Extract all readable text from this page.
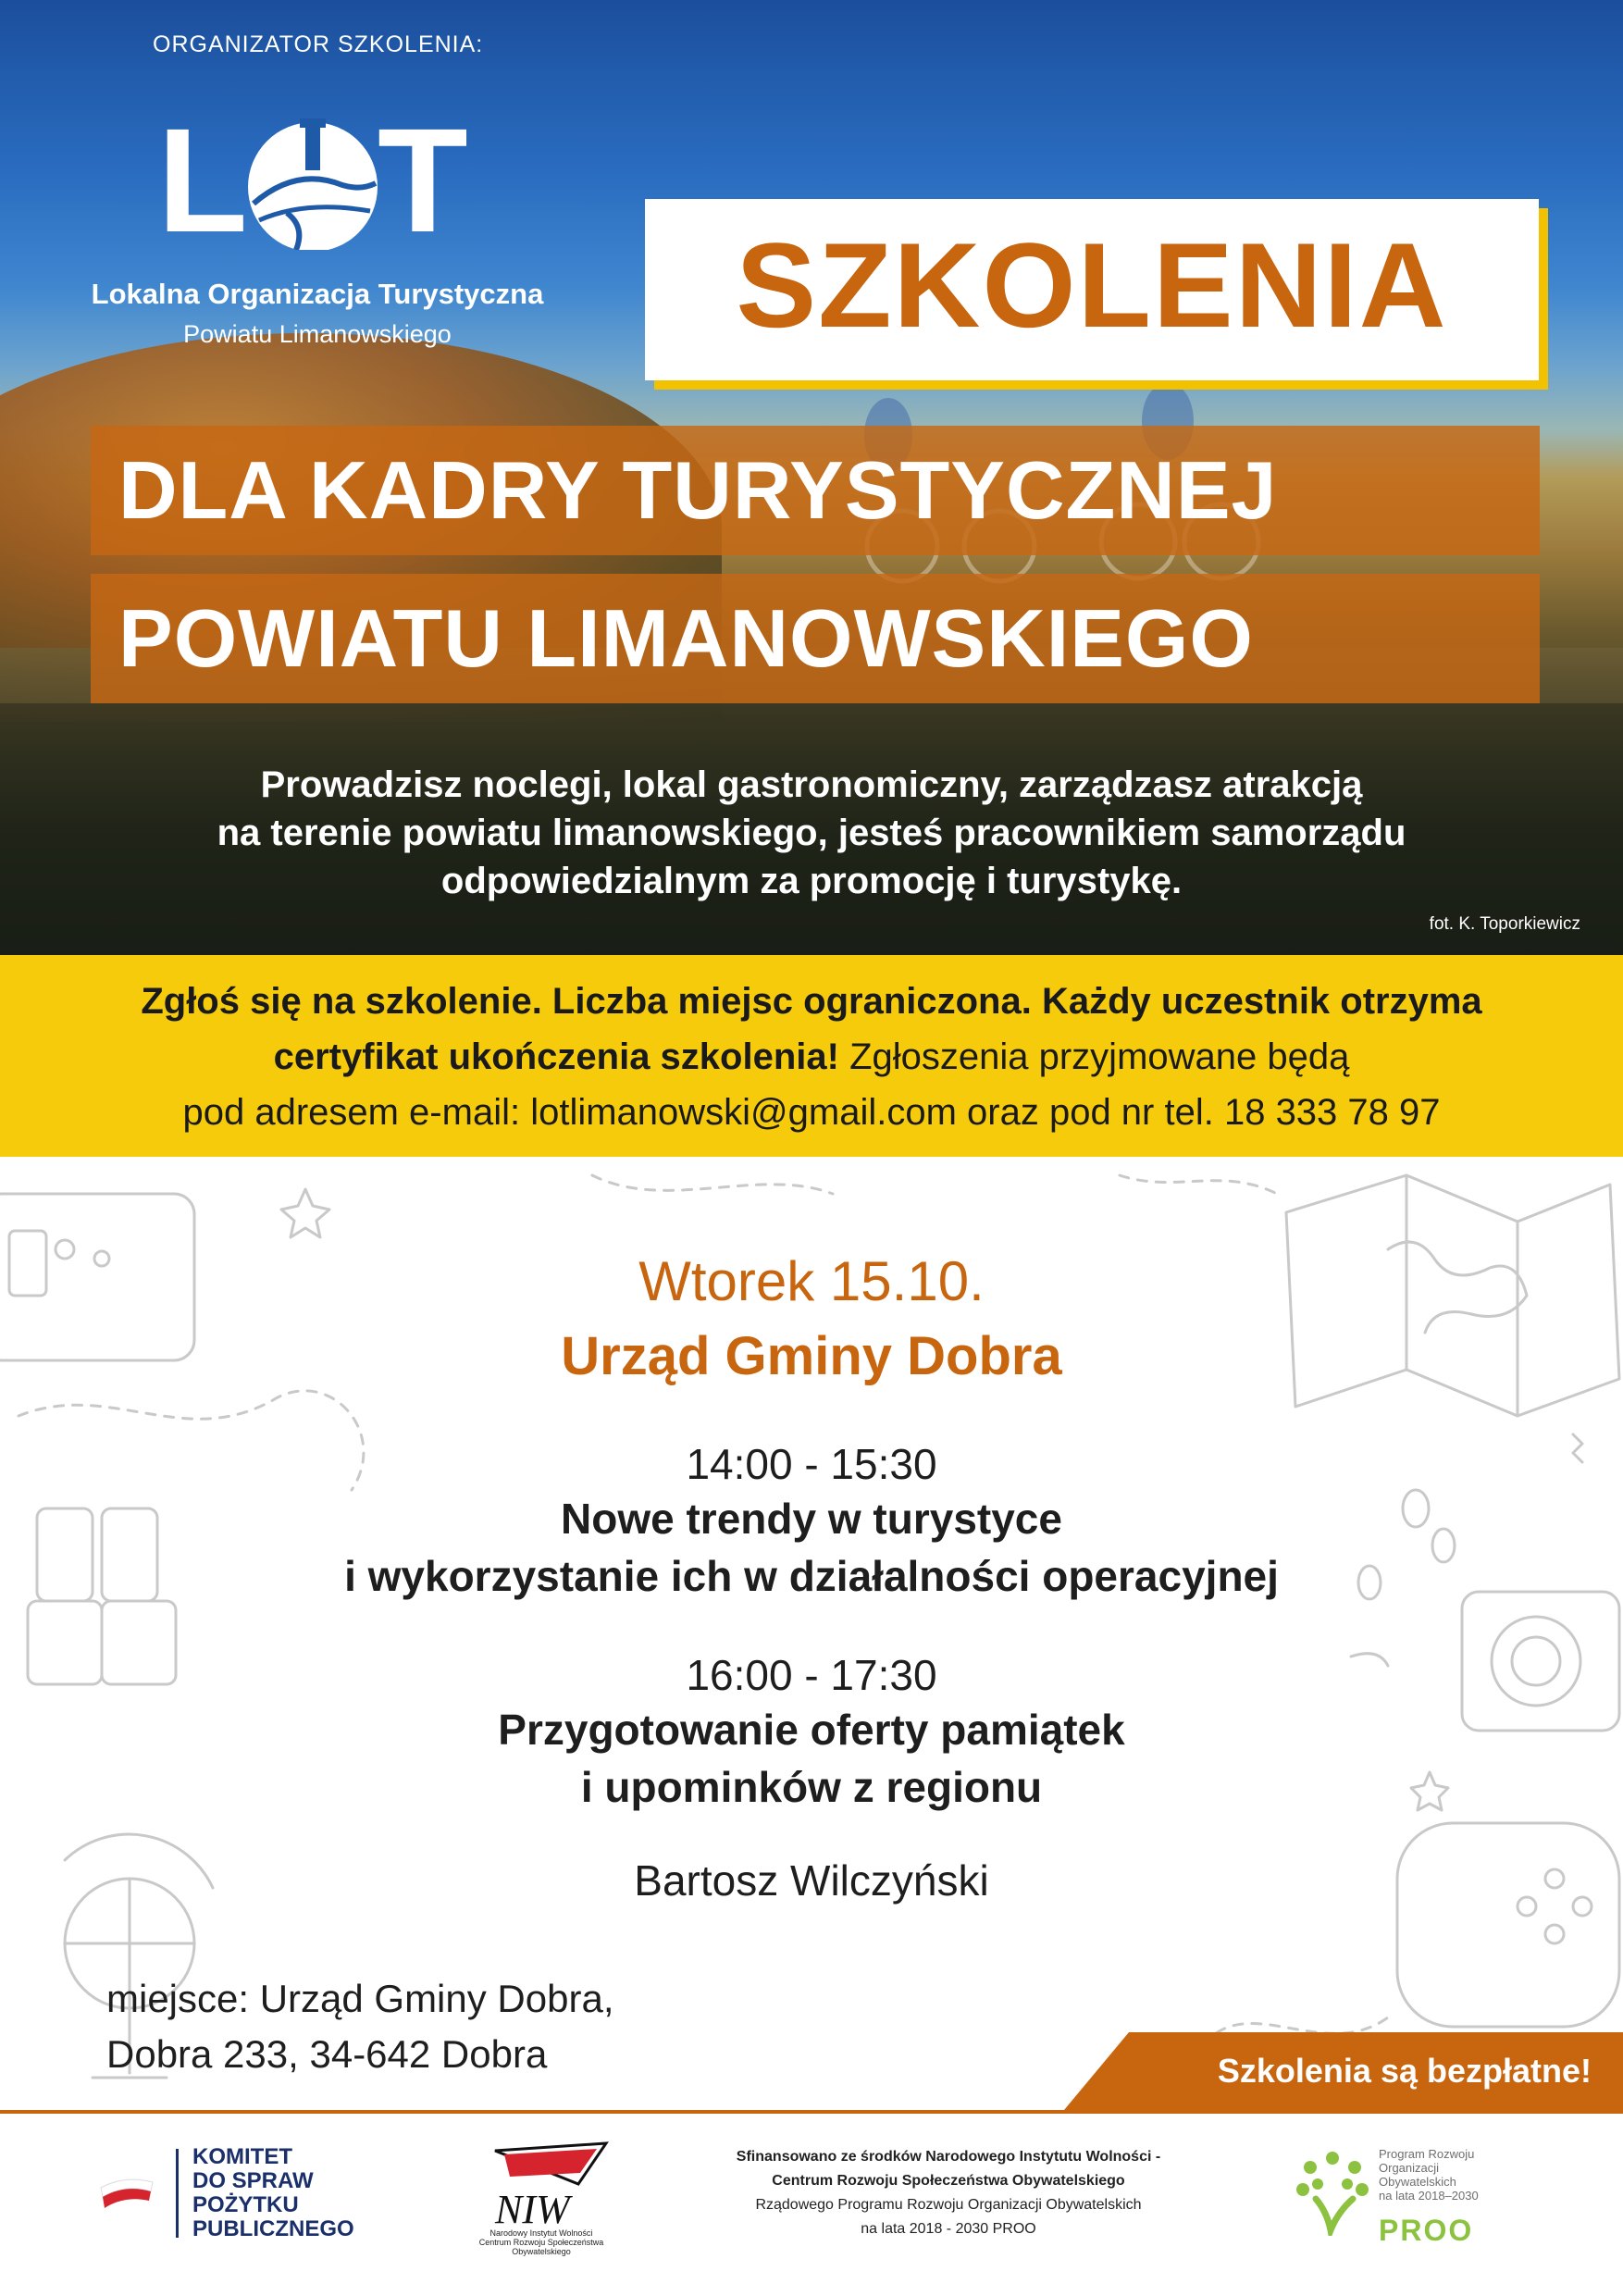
ORGANIZATOR SZKOLENIA:
L T
Lokalna Organizacja Turystyczna
Powiatu Limanowskiego	SZKOLENIA
DLA KADRY TURYSTYCZNEJ
POWIATU LIMANOWSKIEGO
Prowadzisz noclegi, lokal gastronomiczny, zarządzasz atrakcją
na terenie powiatu limanowskiego, jesteś pracownikiem samorządu
odpowiedzialnym za promocję i turystykę.
fot. K. Toporkiewicz
Zgłoś się na szkolenie. Liczba miejsc ograniczona. Każdy uczestnik otrzyma
certyfikat ukończenia szkolenia! Zgłoszenia przyjmowane będą
pod adresem e-mail: lotlimanowski@gmail.com oraz pod nr tel. 18 333 78 97
Wtorek 15.10.
Urząd Gminy Dobra
14:00 - 15:30
Nowe trendy w turystyce
i wykorzystanie ich w działalności operacyjnej
16:00 - 17:30
Przygotowanie oferty pamiątek
i upominków z regionu
Bartosz Wilczyński
miejsce: Urząd Gminy Dobra,
Dobra 233, 34-642 Dobra	Szkolenia są bezpłatne!
KOMITET
DO SPRAW
POŻYTKU
PUBLICZNEGO	NIW
Narodowy Instytut Wolności
Centrum Rozwoju Społeczeństwa Obywatelskiego
Sfinansowano ze środków Narodowego Instytutu Wolności -
Centrum Rozwoju Społeczeństwa Obywatelskiego
Rządowego Programu Rozwoju Organizacji Obywatelskich
na lata 2018 - 2030 PROO
Program Rozwoju
Organizacji
Obywatelskich
na lata 2018–2030
PROO
